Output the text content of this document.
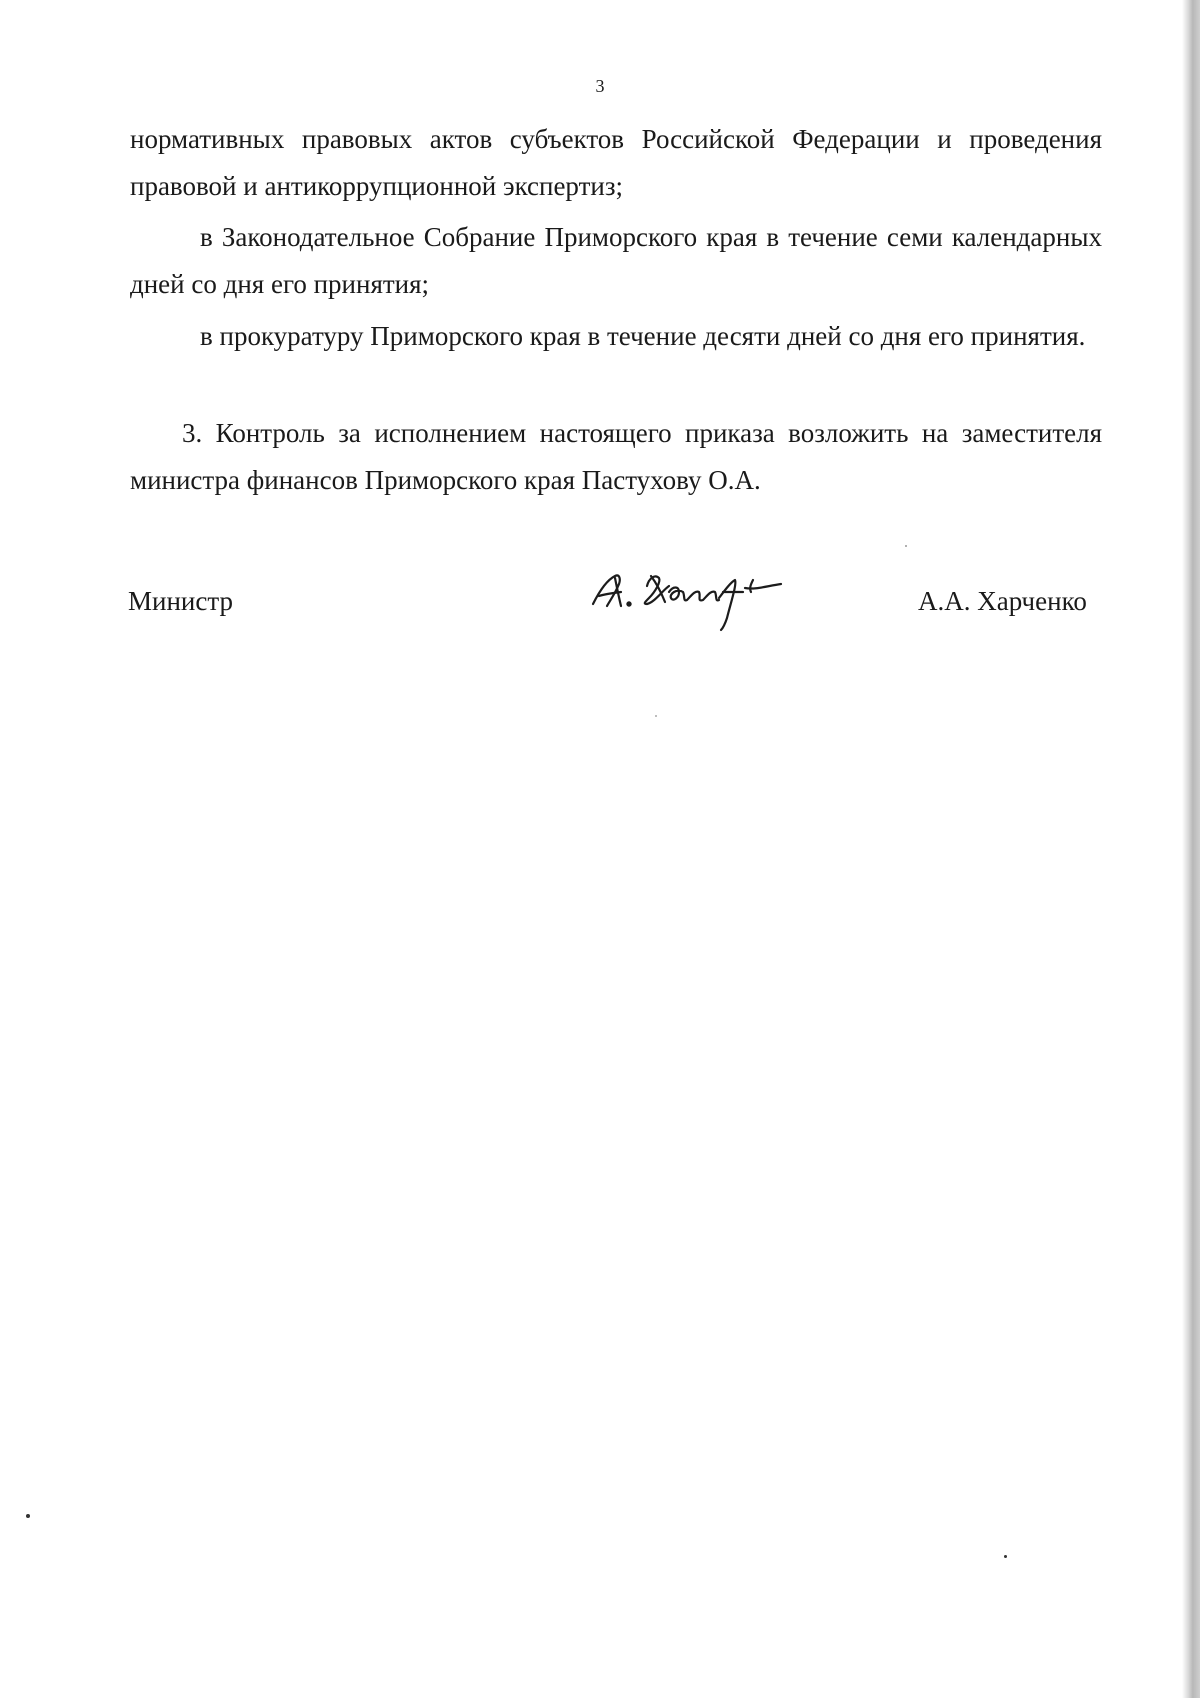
3

нормативных правовых актов субъектов Российской Федерации и проведения правовой и антикоррупционной экспертиз;

в Законодательное Собрание Приморского края в течение семи календарных дней со дня его принятия;

в прокуратуру Приморского края в течение десяти дней со дня его принятия.

3. Контроль за исполнением настоящего приказа возложить на заместителя министра финансов Приморского края Пастухову О.А.

Министр	А.А. Харченко
